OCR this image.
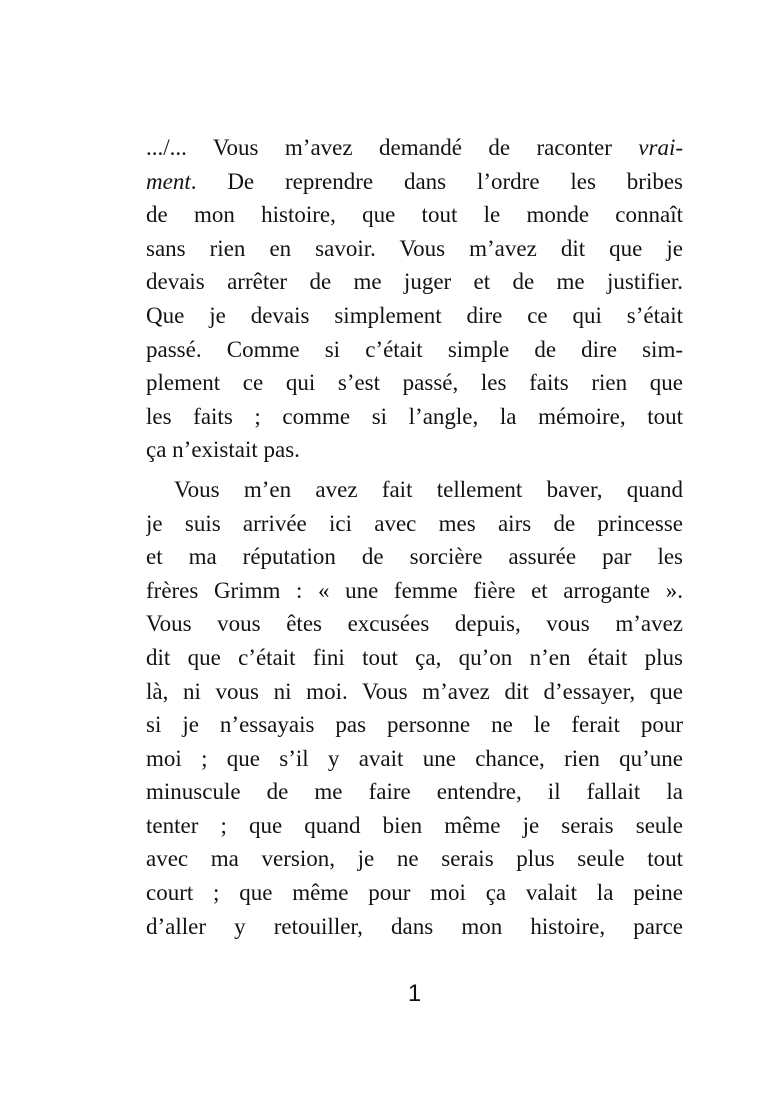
.../... Vous m’avez demandé de raconter vrai-
ment. De reprendre dans l’ordre les bribes
de mon histoire, que tout le monde connaît
sans rien en savoir. Vous m’avez dit que je
devais arrêter de me juger et de me justifier.
Que je devais simplement dire ce qui s’était
passé. Comme si c’était simple de dire sim-
plement ce qui s’est passé, les faits rien que
les faits ; comme si l’angle, la mémoire, tout
ça n’existait pas.
Vous m’en avez fait tellement baver, quand
je suis arrivée ici avec mes airs de princesse
et ma réputation de sorcière assurée par les
frères Grimm : « une femme fière et arrogante ».
Vous vous êtes excusées depuis, vous m’avez
dit que c’était fini tout ça, qu’on n’en était plus
là, ni vous ni moi. Vous m’avez dit d’essayer, que
si je n’essayais pas personne ne le ferait pour
moi ; que s’il y avait une chance, rien qu’une
minuscule de me faire entendre, il fallait la
tenter ; que quand bien même je serais seule
avec ma version, je ne serais plus seule tout
court ; que même pour moi ça valait la peine
d’aller y retouiller, dans mon histoire, parce
1
